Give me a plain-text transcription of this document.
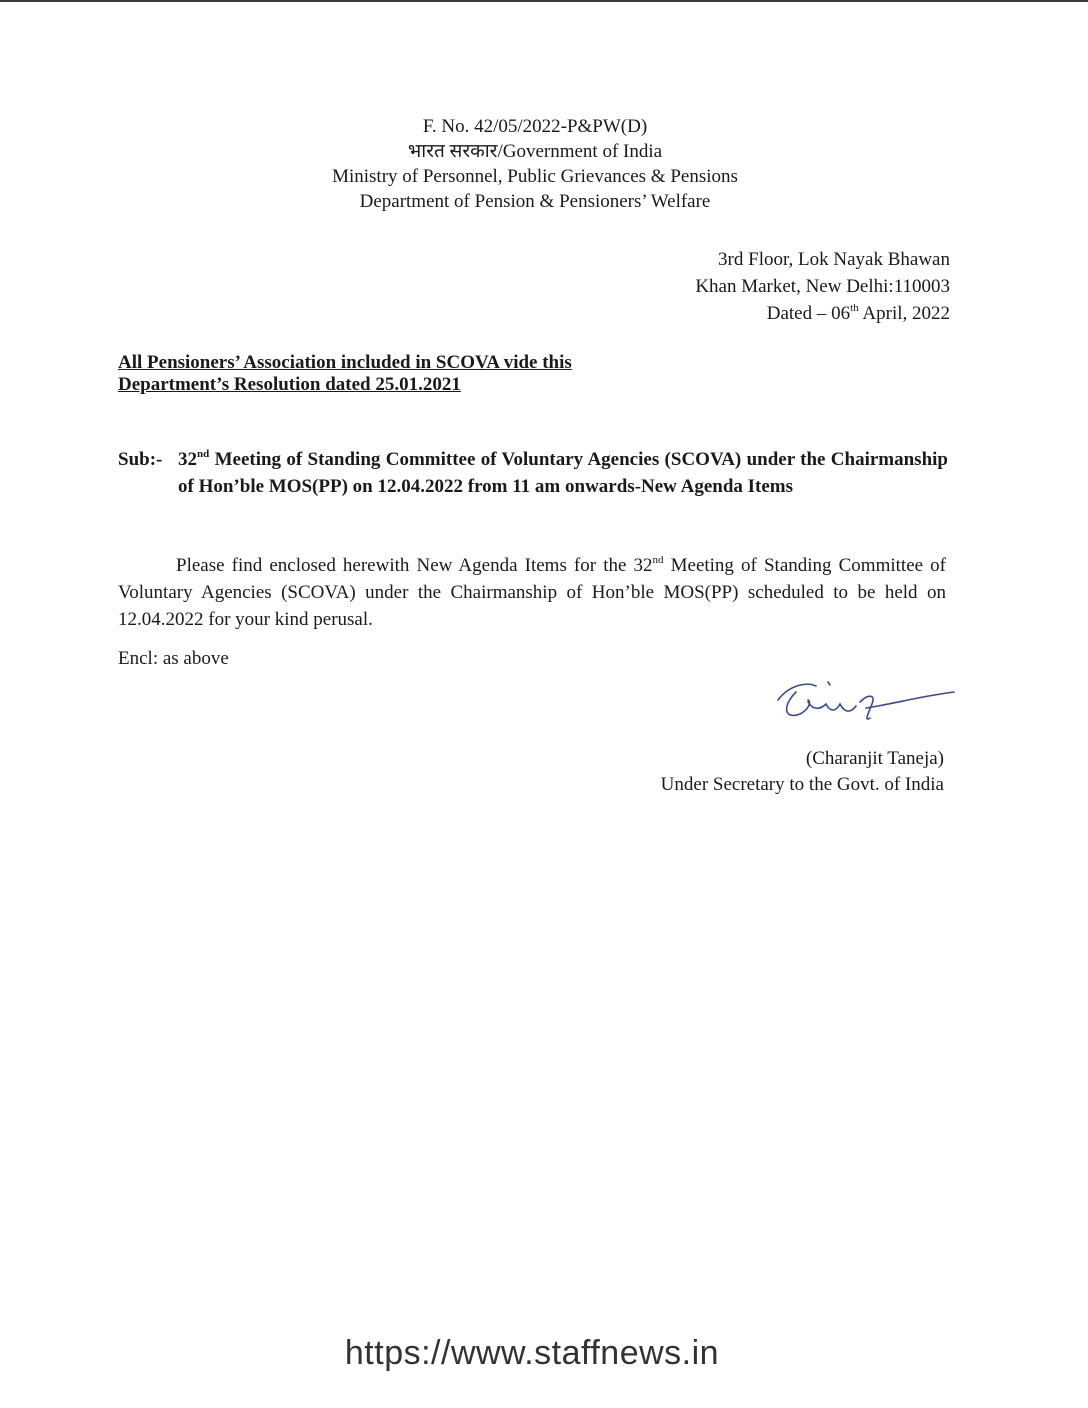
F. No. 42/05/2022-P&PW(D)
भारत सरकार/Government of India
Ministry of Personnel, Public Grievances & Pensions
Department of Pension & Pensioners’ Welfare
3rd Floor, Lok Nayak Bhawan
Khan Market, New Delhi:110003
Dated – 06th April, 2022
All Pensioners’ Association included in SCOVA vide this
Department’s Resolution dated 25.01.2021
Sub:- 32nd Meeting of Standing Committee of Voluntary Agencies (SCOVA) under the Chairmanship of Hon’ble MOS(PP) on 12.04.2022 from 11 am onwards-New Agenda Items
Please find enclosed herewith New Agenda Items for the 32nd Meeting of Standing Committee of Voluntary Agencies (SCOVA) under the Chairmanship of Hon’ble MOS(PP) scheduled to be held on 12.04.2022 for your kind perusal.
Encl: as above
(Charanjit Taneja)
Under Secretary to the Govt. of India
https://www.staffnews.in
